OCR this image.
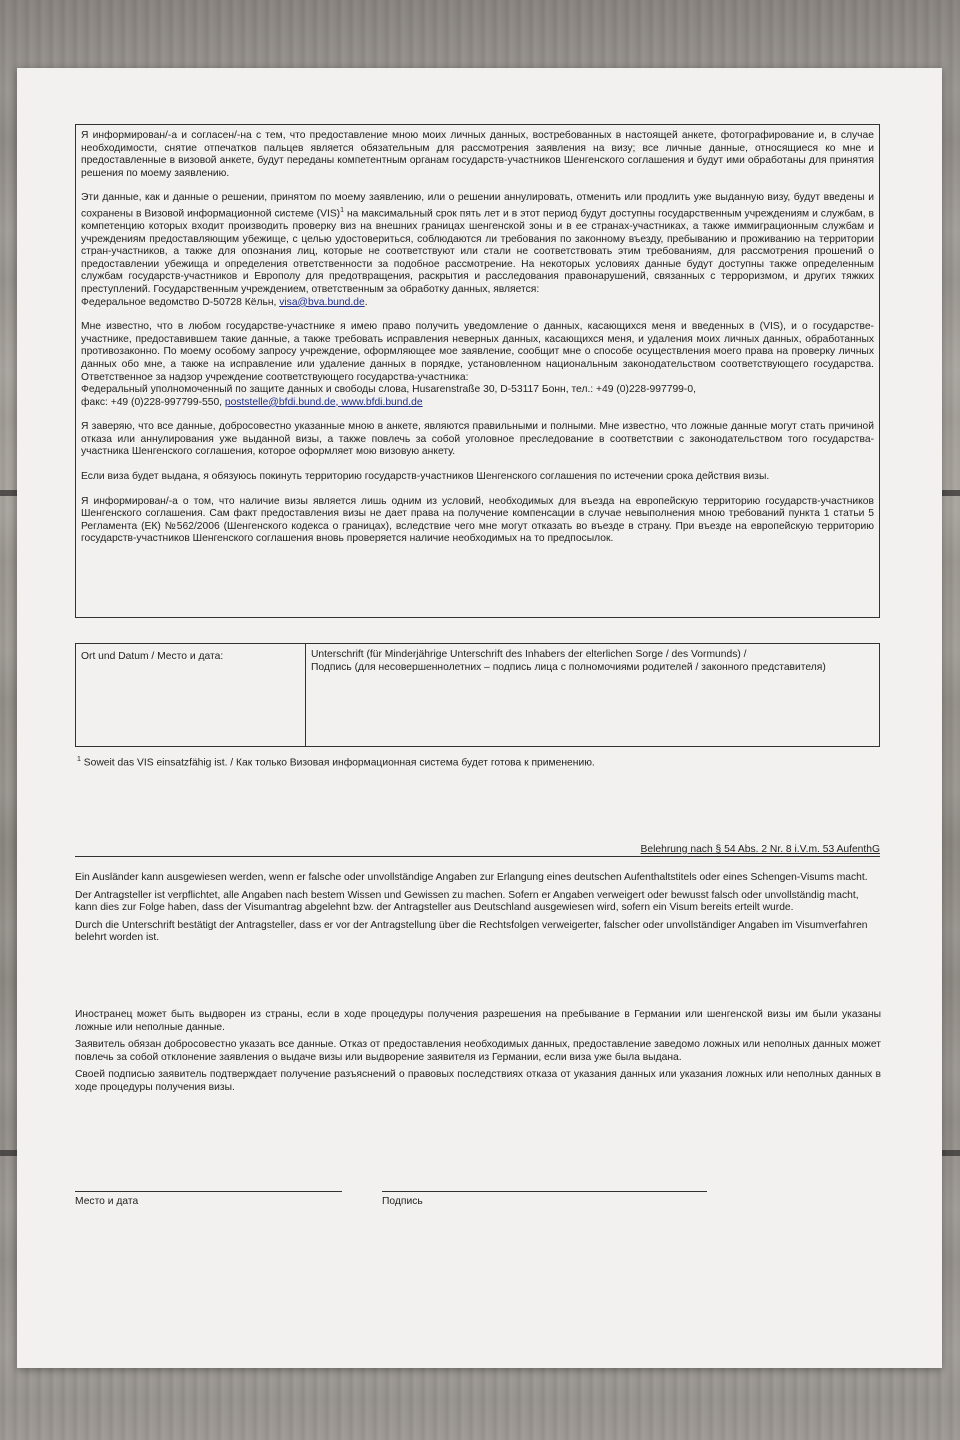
Я информирован/-а и согласен/-на с тем, что предоставление мною моих личных данных, востребованных в настоящей анкете, фотографирование и, в случае необходимости, снятие отпечатков пальцев является обязательным для рассмотрения заявления на визу; все личные данные, относящиеся ко мне и предоставленные в визовой анкете, будут переданы компетентным органам государств-участников Шенгенского соглашения и будут ими обработаны для принятия решения по моему заявлению.

Эти данные, как и данные о решении, принятом по моему заявлению, или о решении аннулировать, отменить или продлить уже выданную визу, будут введены и сохранены в Визовой информационной системе (VIS)$^1$ на максимальный срок пять лет и в этот период будут доступны государственным учреждениям и службам, в компетенцию которых входит производить проверку виз на внешних границах шенгенской зоны и в ее странах-участниках, а также иммиграционным службам и учреждениям предоставляющим убежище, с целью удостовериться, соблюдаются ли требования по законному въезду, пребыванию и проживанию на территории стран-участников, а также для опознания лиц, которые не соответствуют или стали не соответствовать этим требованиям, для рассмотрения прошений о предоставлении убежища и определения ответственности за подобное рассмотрение. На некоторых условиях данные будут доступны также определенным службам государств-участников и Европолу для предотвращения, раскрытия и расследования правонарушений, связанных с терроризмом, и других тяжких преступлений. Государственным учреждением, ответственным за обработку данных, является:

Федеральное ведомство D-50728 Кёльн, visa@bva.bund.de.

Мне известно, что в любом государстве-участнике я имею право получить уведомление о данных, касающихся меня и введенных в (VIS), и о государстве-участнике, предоставившем такие данные, а также требовать исправления неверных данных, касающихся меня, и удаления моих личных данных, обработанных противозаконно. По моему особому запросу учреждение, оформляющее мое заявление, сообщит мне о способе осуществления моего права на проверку личных данных обо мне, а также на исправление или удаление данных в порядке, установленном национальным законодательством соответствующего государства. Ответственное за надзор учреждение соответствующего государства-участника:

Федеральный уполномоченный по защите данных и свободы слова, Husarenstraße 30, D-53117 Бонн, тел.: +49 (0)228-997799-0,

факс: +49 (0)228-997799-550, poststelle@bfdi.bund.de, www.bfdi.bund.de

Я заверяю, что все данные, добросовестно указанные мною в анкете, являются правильными и полными. Мне известно, что ложные данные могут стать причиной отказа или аннулирования уже выданной визы, а также повлечь за собой уголовное преследование в соответствии с законодательством того государства-участника Шенгенского соглашения, которое оформляет мою визовую анкету.

Если виза будет выдана, я обязуюсь покинуть территорию государств-участников Шенгенского соглашения по истечении срока действия визы.

Я информирован/-а о том, что наличие визы является лишь одним из условий, необходимых для въезда на европейскую территорию государств-участников Шенгенского соглашения. Сам факт предоставления визы не дает права на получение компенсации в случае невыполнения мною требований пункта 1 статьи 5 Регламента (ЕК) №562/2006 (Шенгенского кодекса о границах), вследствие чего мне могут отказать во въезде в страну. При въезде на европейскую территорию государств-участников Шенгенского соглашения вновь проверяется наличие необходимых на то предпосылок.

Ort und Datum / Место и дата:	Unterschrift (für Minderjährige Unterschrift des Inhabers der elterlichen Sorge / des Vormunds) /
Подпись (для несовершеннолетних – подпись лица с полномочиями родителей / законного представителя)
$^1$ Soweit das VIS einsatzfähig ist. / Как только Визовая информационная система будет готова к применению.
Belehrung nach § 54 Abs. 2 Nr. 8 i.V.m. 53 AufenthG

Ein Ausländer kann ausgewiesen werden, wenn er falsche oder unvollständige Angaben zur Erlangung eines deutschen Aufenthaltstitels oder eines Schengen-Visums macht.

Der Antragsteller ist verpflichtet, alle Angaben nach bestem Wissen und Gewissen zu machen. Sofern er Angaben verweigert oder bewusst falsch oder unvollständig macht, kann dies zur Folge haben, dass der Visumantrag abgelehnt bzw. der Antragsteller aus Deutschland ausgewiesen wird, sofern ein Visum bereits erteilt wurde.

Durch die Unterschrift bestätigt der Antragsteller, dass er vor der Antragstellung über die Rechtsfolgen verweigerter, falscher oder unvollständiger Angaben im Visumverfahren belehrt worden ist.

Иностранец может быть выдворен из страны, если в ходе процедуры получения разрешения на пребывание в Германии или шенгенской визы им были указаны ложные или неполные данные.

Заявитель обязан добросовестно указать все данные. Отказ от предоставления необходимых данных, предоставление заведомо ложных или неполных данных может повлечь за собой отклонение заявления о выдаче визы или выдворение заявителя из Германии, если виза уже была выдана.

Своей подписью заявитель подтверждает получение разъяснений о правовых последствиях отказа от указания данных или указания ложных или неполных данных в ходе процедуры получения визы.

Место и дата	Подпись
